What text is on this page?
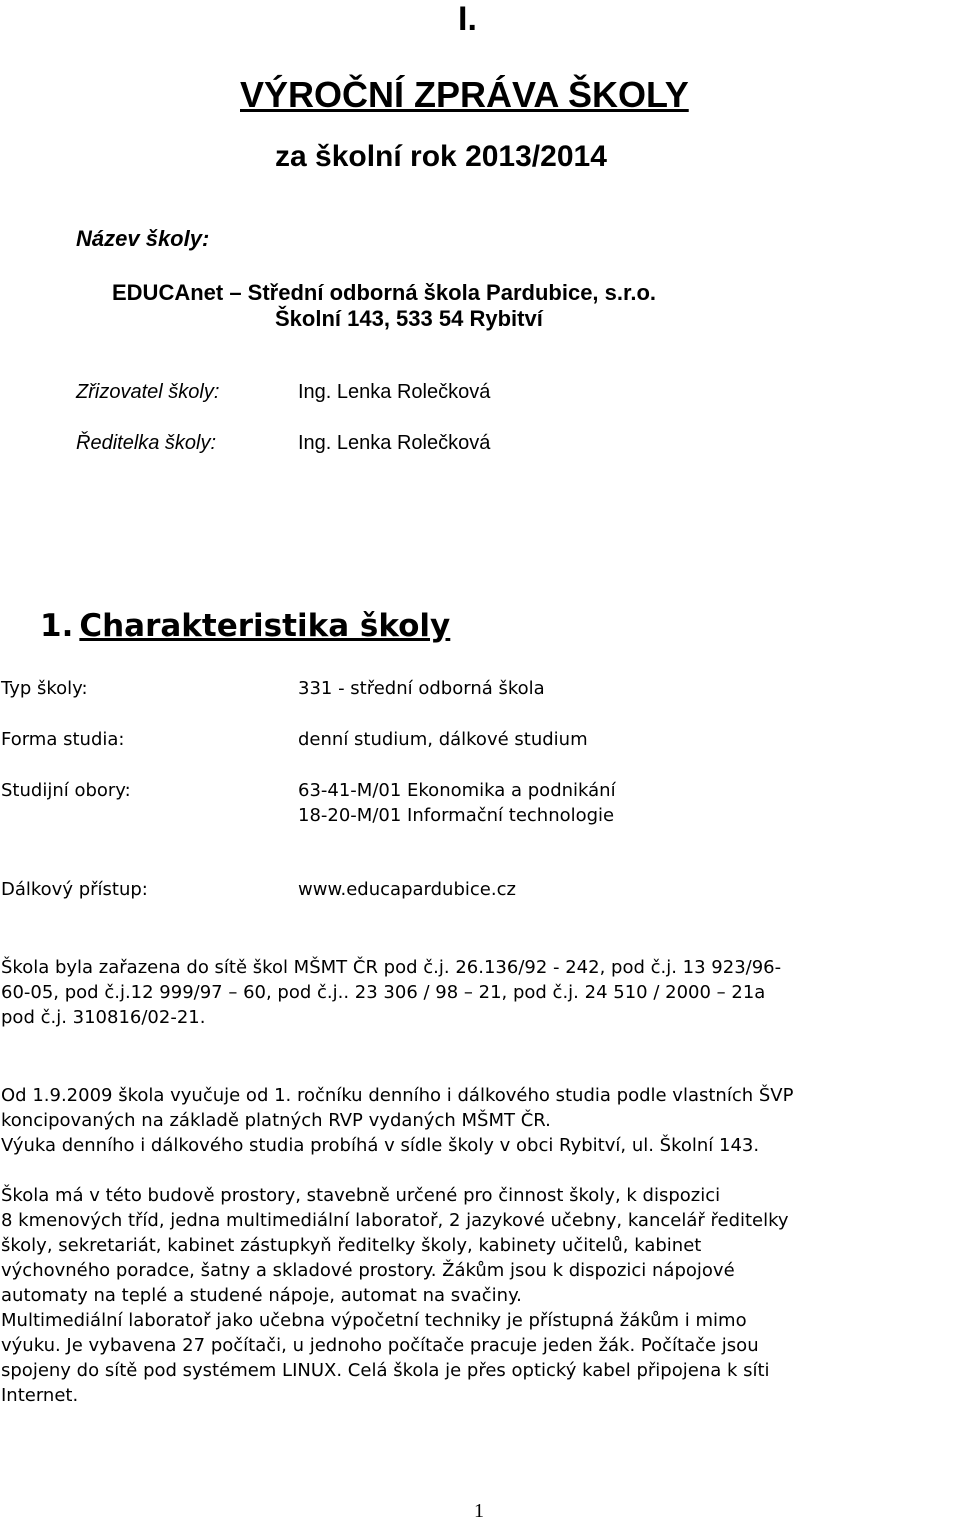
I.
VÝROČNÍ ZPRÁVA ŠKOLY
za školní rok 2013/2014
Název školy:
EDUCAnet – Střední odborná škola Pardubice, s.r.o.
Školní 143, 533 54 Rybitví
Zřizovatel školy:	Ing. Lenka Rolečková
Ředitelka školy:	Ing. Lenka Rolečková
1. Charakteristika školy
Typ školy:	331 - střední odborná škola
Forma studia:	denní studium, dálkové studium
Studijní obory:	63-41-M/01 Ekonomika a podnikání
18-20-M/01 Informační technologie
Dálkový přístup:	www.educapardubice.cz
Škola byla zařazena do sítě škol MŠMT ČR pod č.j. 26.136/92 - 242, pod č.j. 13 923/96-
60-05, pod č.j.12 999/97 – 60, pod č.j.. 23 306 / 98 – 21, pod č.j. 24 510 / 2000 – 21a
pod č.j. 310816/02-21.
Od 1.9.2009 škola vyučuje od 1. ročníku denního i dálkového studia podle vlastních ŠVP
koncipovaných na základě platných RVP vydaných MŠMT ČR.
Výuka denního i dálkového studia probíhá v sídle školy v obci Rybitví, ul. Školní 143.
Škola má v této budově prostory, stavebně určené pro činnost školy, k dispozici
8 kmenových tříd, jedna multimediální laboratoř, 2 jazykové učebny, kancelář ředitelky
školy, sekretariát, kabinet zástupkyň ředitelky školy, kabinety učitelů, kabinet
výchovného poradce, šatny a skladové prostory. Žákům jsou k dispozici nápojové
automaty na teplé a studené nápoje, automat na svačiny.
Multimediální laboratoř jako učebna výpočetní techniky je přístupná žákům i mimo
výuku. Je vybavena 27 počítači, u jednoho počítače pracuje jeden žák. Počítače jsou
spojeny do sítě pod systémem LINUX. Celá škola je přes optický kabel připojena k síti
Internet.
1
